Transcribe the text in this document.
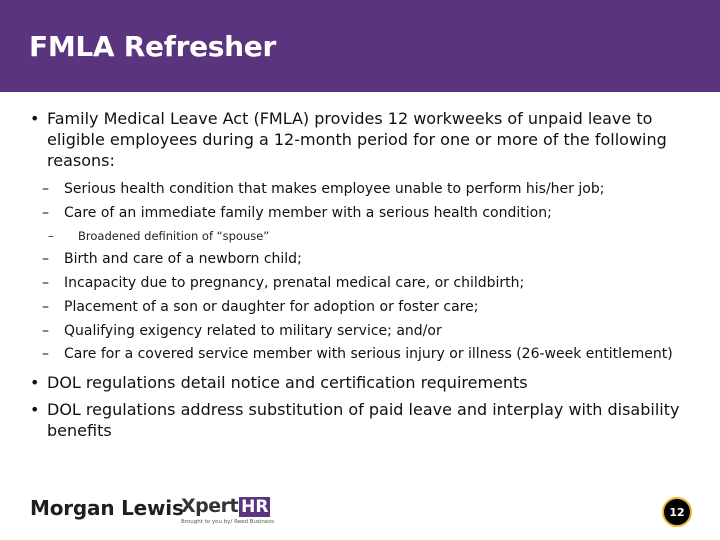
FMLA Refresher
• Family Medical Leave Act (FMLA) provides 12 workweeks of unpaid leave to eligible employees during a 12-month period for one or more of the following reasons:
– Serious health condition that makes employee unable to perform his/her job;
– Care of an immediate family member with a serious health condition;
– Broadened definition of “spouse”
– Birth and care of a newborn child;
– Incapacity due to pregnancy, prenatal medical care, or childbirth;
– Placement of a son or daughter for adoption or foster care;
– Qualifying exigency related to military service; and/or
– Care for a covered service member with serious injury or illness (26-week entitlement)
• DOL regulations detail notice and certification requirements
• DOL regulations address substitution of paid leave and interplay with disability benefits
Morgan Lewis
Xpert HR
Brought to you by/ Reed Business
12
